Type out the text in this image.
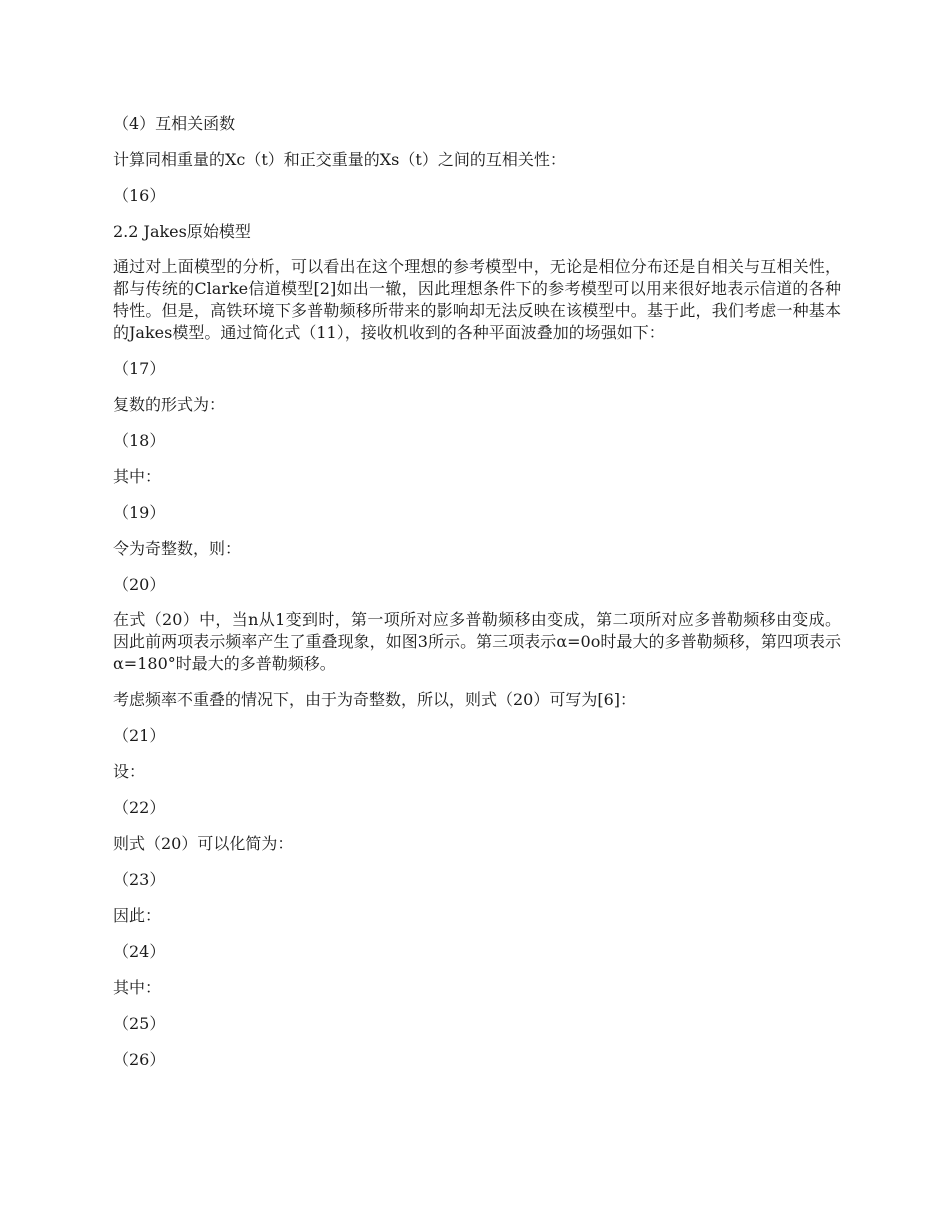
（4）互相关函数

计算同相重量的Xc（t）和正交重量的Xs（t）之间的互相关性：

（16）

2.2 Jakes原始模型

通过对上面模型的分析，可以看出在这个理想的参考模型中，无论是相位分布还是自相关与互相关性，都与传统的Clarke信道模型[2]如出一辙，因此理想条件下的参考模型可以用来很好地表示信道的各种特性。但是，高铁环境下多普勒频移所带来的影响却无法反映在该模型中。基于此，我们考虑一种基本的Jakes模型。通过简化式（11），接收机收到的各种平面波叠加的场强如下：

（17）

复数的形式为：

（18）

其中：

（19）

令为奇整数，则：

（20）

在式（20）中，当n从1变到时，第一项所对应多普勒频移由变成，第二项所对应多普勒频移由变成。因此前两项表示频率产生了重叠现象，如图3所示。第三项表示α=0o时最大的多普勒频移，第四项表示α=180°时最大的多普勒频移。

考虑频率不重叠的情况下，由于为奇整数，所以，则式（20）可写为[6]：

（21）

设：

（22）

则式（20）可以化简为：

（23）

因此：

（24）

其中：

（25）

（26）
